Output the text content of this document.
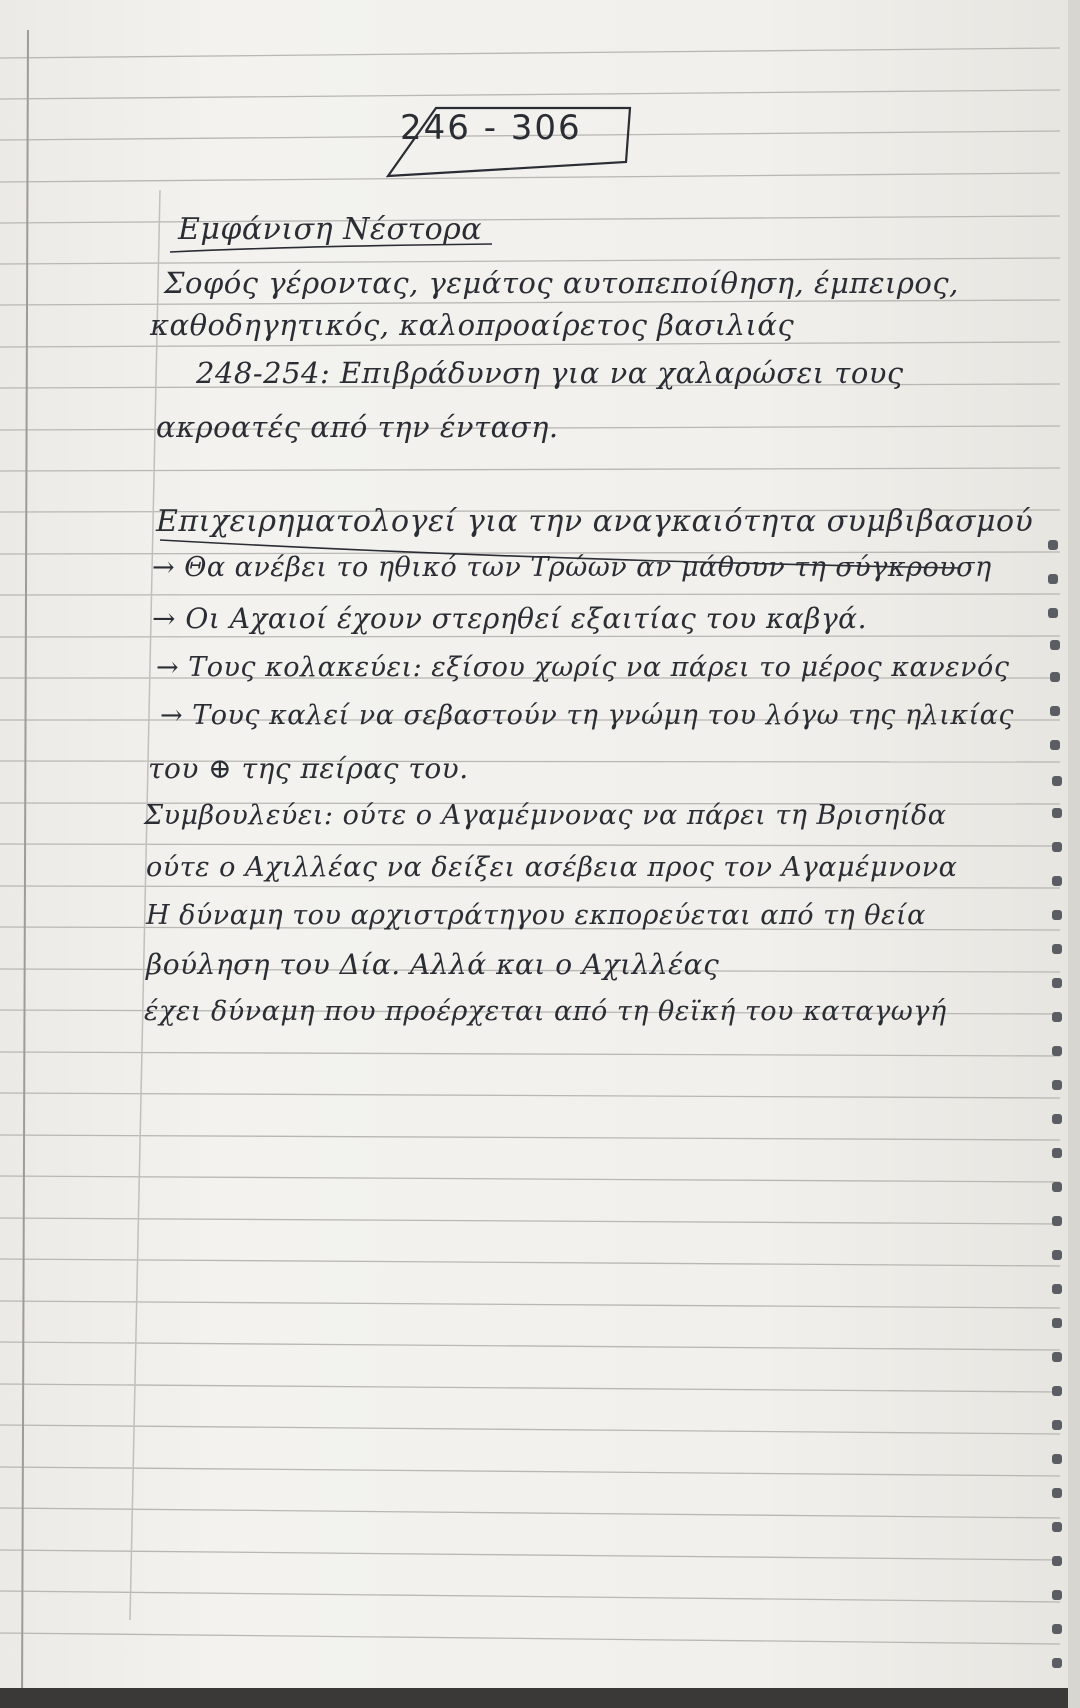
246 - 306
Εμφάνιση Νέστορα
Σοφός γέροντας, γεμάτος αυτοπεποίθηση, έμπειρος,
καθοδηγητικός, καλοπροαίρετος βασιλιάς
248-254: Επιβράδυνση για να χαλαρώσει τους
ακροατές από την ένταση.
Επιχειρηματολογεί για την αναγκαιότητα συμβιβασμού
→ Θα ανέβει το ηθικό των Τρώων αν μάθουν τη σύγκρουση
→ Οι Αχαιοί έχουν στερηθεί εξαιτίας του καβγά.
→ Τους κολακεύει: εξίσου χωρίς να πάρει το μέρος κανενός
→ Τους καλεί να σεβαστούν τη γνώμη του λόγω της ηλικίας
του ⊕ της πείρας του.
Συμβουλεύει: ούτε ο Αγαμέμνονας να πάρει τη Βρισηίδα
ούτε ο Αχιλλέας να δείξει ασέβεια προς τον Αγαμέμνονα
Η δύναμη του αρχιστράτηγου εκπορεύεται από τη θεία
βούληση του Δία. Αλλά και ο Αχιλλέας
έχει δύναμη που προέρχεται από τη θεϊκή του καταγωγή
